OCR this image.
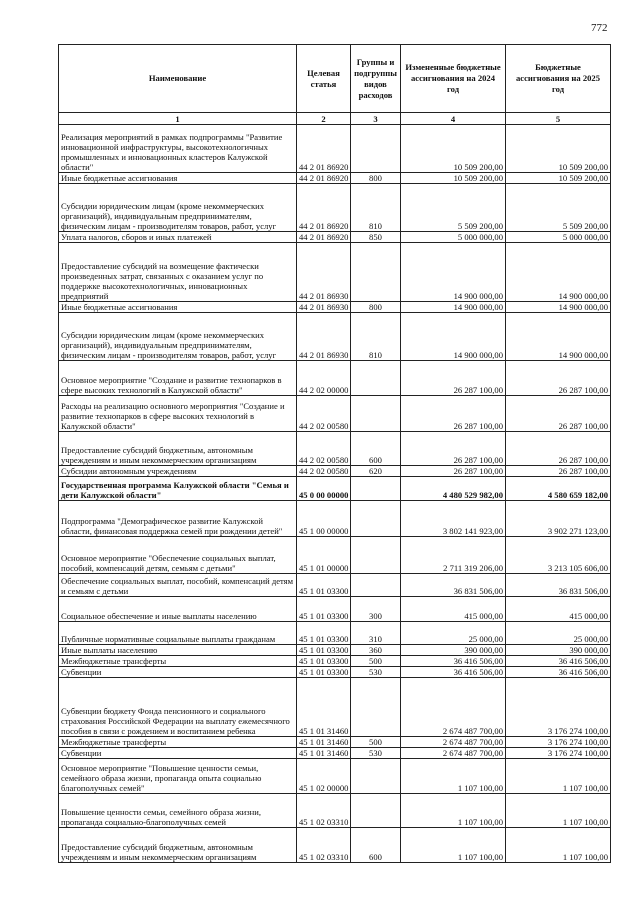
772
Наименование	Целевая статья	Группы и подгруппы видов расходов	Измененные бюджетные ассигнования на 2024 год	Бюджетные ассигнования на 2025 год
1	2	3	4	5
Реализация мероприятий в рамках подпрограммы "Развитие инновационной инфраструктуры, высокотехнологичных промышленных и инновационных кластеров Калужской области"	44 2 01 86920		10 509 200,00	10 509 200,00
Иные бюджетные ассигнования	44 2 01 86920	800	10 509 200,00	10 509 200,00
Субсидии юридическим лицам (кроме некоммерческих организаций), индивидуальным предпринимателям, физическим лицам - производителям товаров, работ, услуг	44 2 01 86920	810	5 509 200,00	5 509 200,00
Уплата налогов, сборов и иных платежей	44 2 01 86920	850	5 000 000,00	5 000 000,00
Предоставление субсидий на возмещение фактически произведенных затрат, связанных с оказанием услуг по поддержке высокотехнологичных, инновационных предприятий	44 2 01 86930		14 900 000,00	14 900 000,00
Иные бюджетные ассигнования	44 2 01 86930	800	14 900 000,00	14 900 000,00
Субсидии юридическим лицам (кроме некоммерческих организаций), индивидуальным предпринимателям, физическим лицам - производителям товаров, работ, услуг	44 2 01 86930	810	14 900 000,00	14 900 000,00
Основное мероприятие "Создание и развитие технопарков в сфере высоких технологий в Калужской области"	44 2 02 00000		26 287 100,00	26 287 100,00
Расходы на реализацию основного мероприятия "Создание и развитие технопарков в сфере высоких технологий в Калужской области"	44 2 02 00580		26 287 100,00	26 287 100,00
Предоставление субсидий бюджетным, автономным учреждениям и иным некоммерческим организациям	44 2 02 00580	600	26 287 100,00	26 287 100,00
Субсидии автономным учреждениям	44 2 02 00580	620	26 287 100,00	26 287 100,00
Государственная программа Калужской области "Семья и дети Калужской области"	45 0 00 00000		4 480 529 982,00	4 580 659 182,00
Подпрограмма "Демографическое развитие Калужской области, финансовая поддержка семей при рождении детей"	45 1 00 00000		3 802 141 923,00	3 902 271 123,00
Основное мероприятие "Обеспечение социальных выплат, пособий, компенсаций детям, семьям с детьми"	45 1 01 00000		2 711 319 206,00	3 213 105 606,00
Обеспечение социальных выплат, пособий, компенсаций детям и семьям с детьми	45 1 01 03300		36 831 506,00	36 831 506,00
Социальное обеспечение и иные выплаты населению	45 1 01 03300	300	415 000,00	415 000,00
Публичные нормативные социальные выплаты гражданам	45 1 01 03300	310	25 000,00	25 000,00
Иные выплаты населению	45 1 01 03300	360	390 000,00	390 000,00
Межбюджетные трансферты	45 1 01 03300	500	36 416 506,00	36 416 506,00
Субвенции	45 1 01 03300	530	36 416 506,00	36 416 506,00
Субвенции бюджету Фонда пенсионного и социального страхования Российской Федерации на выплату ежемесячного пособия в связи с рождением и воспитанием ребенка	45 1 01 31460		2 674 487 700,00	3 176 274 100,00
Межбюджетные трансферты	45 1 01 31460	500	2 674 487 700,00	3 176 274 100,00
Субвенции	45 1 01 31460	530	2 674 487 700,00	3 176 274 100,00
Основное мероприятие "Повышение ценности семьи, семейного образа жизни, пропаганда опыта социально благополучных семей"	45 1 02 00000		1 107 100,00	1 107 100,00
Повышение ценности семьи, семейного образа жизни, пропаганда социально-благополучных семей	45 1 02 03310		1 107 100,00	1 107 100,00
Предоставление субсидий бюджетным, автономным учреждениям и иным некоммерческим организациям	45 1 02 03310	600	1 107 100,00	1 107 100,00
